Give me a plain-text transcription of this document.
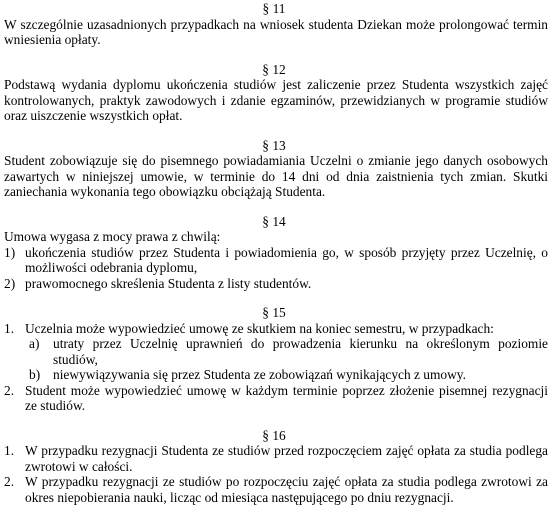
§ 11
W szczególnie uzasadnionych przypadkach na wniosek studenta Dziekan może prolongować termin wniesienia opłaty.
§ 12
Podstawą wydania dyplomu ukończenia studiów jest zaliczenie przez Studenta wszystkich zajęć kontrolowanych, praktyk zawodowych i zdanie egzaminów, przewidzianych w programie studiów oraz uiszczenie wszystkich opłat.
§ 13
Student zobowiązuje się do pisemnego powiadamiania Uczelni o zmianie jego danych osobowych zawartych w niniejszej umowie, w terminie do 14 dni od dnia zaistnienia tych zmian. Skutki zaniechania wykonania tego obowiązku obciążają Studenta.
§ 14
Umowa wygasa z mocy prawa z chwilą:
1) ukończenia studiów przez Studenta i powiadomienia go, w sposób przyjęty przez Uczelnię, o możliwości odebrania dyplomu,
2) prawomocnego skreślenia Studenta z listy studentów.
§ 15
1. Uczelnia może wypowiedzieć umowę ze skutkiem na koniec semestru, w przypadkach:
a) utraty przez Uczelnię uprawnień do prowadzenia kierunku na określonym poziomie studiów,
b) niewywiązywania się przez Studenta ze zobowiązań wynikających z umowy.
2. Student może wypowiedzieć umowę w każdym terminie poprzez złożenie pisemnej rezygnacji ze studiów.
§ 16
1. W przypadku rezygnacji Studenta ze studiów przed rozpoczęciem zajęć opłata za studia podlega zwrotowi w całości.
2. W przypadku rezygnacji ze studiów po rozpoczęciu zajęć opłata za studia podlega zwrotowi za okres niepobierania nauki, licząc od miesiąca następującego po dniu rezygnacji.
